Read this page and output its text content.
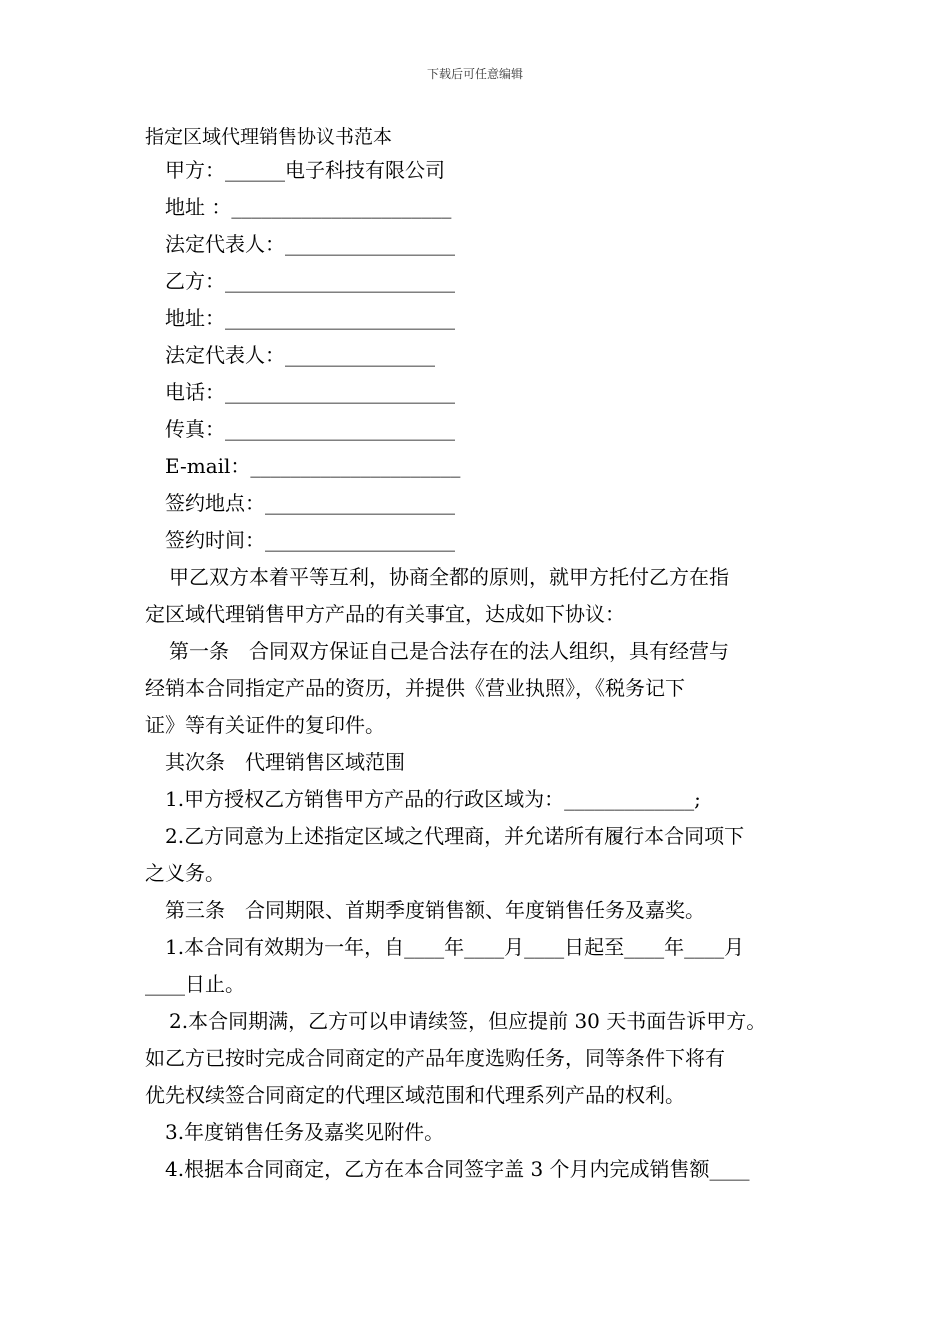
下载后可任意编辑
指定区域代理销售协议书范本
甲方：______电子科技有限公司
地址 ：______________________
法定代表人：_________________
乙方：_______________________
地址：_______________________
法定代表人：_______________
电话：_______________________
传真：_______________________
E-mail：_____________________
签约地点：___________________
签约时间：___________________
甲乙双方本着平等互利，协商全都的原则，就甲方托付乙方在指
定区域代理销售甲方产品的有关事宜，达成如下协议：
第一条　合同双方保证自己是合法存在的法人组织，具有经营与
经销本合同指定产品的资历，并提供《营业执照》，《税务记下
证》等有关证件的复印件。
其次条　代理销售区域范围
1.甲方授权乙方销售甲方产品的行政区域为：_____________;
2.乙方同意为上述指定区域之代理商，并允诺所有履行本合同项下
之义务。
第三条　合同期限、首期季度销售额、年度销售任务及嘉奖。
1.本合同有效期为一年，自____年____月____日起至____年____月
____日止。
2.本合同期满，乙方可以申请续签，但应提前 30 天书面告诉甲方。
如乙方已按时完成合同商定的产品年度选购任务，同等条件下将有
优先权续签合同商定的代理区域范围和代理系列产品的权利。
3.年度销售任务及嘉奖见附件。
4.根据本合同商定，乙方在本合同签字盖 3 个月内完成销售额____
